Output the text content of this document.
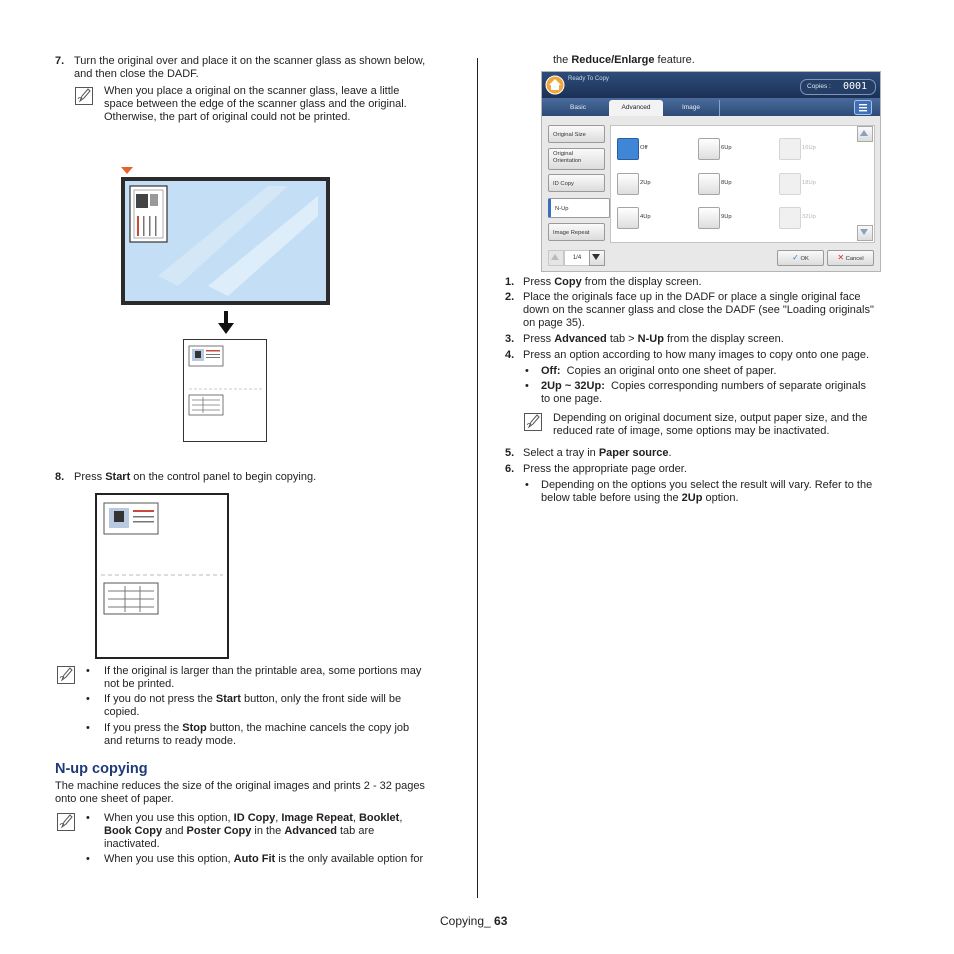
7. Turn the original over and place it on the scanner glass as shown below,
and then close the DADF.
When you place a original on the scanner glass, leave a little
space between the edge of the scanner glass and the original.
Otherwise, the part of original could not be printed.
8. Press Start on the control panel to begin copying.
• If the original is larger than the printable area, some portions may
not be printed.
• If you do not press the Start button, only the front side will be
copied.
• If you press the Stop button, the machine cancels the copy job
and returns to ready mode.
N-up copying
The machine reduces the size of the original images and prints 2 - 32 pages
onto one sheet of paper.
• When you use this option, ID Copy, Image Repeat, Booklet,
Book Copy and Poster Copy in the Advanced tab are
inactivated.
• When you use this option, Auto Fit is the only available option for
the Reduce/Enlarge feature.
Ready To Copy
Copies : 0001
Basic	Advanced	Image
Original Size
Original
Orientation
ID Copy
N-Up
Image Repeat
Off	6Up	16Up
2Up	8Up	18Up
4Up	9Up	32Up
1/4	✓ OK	✕ Cancel
1. Press Copy from the display screen.
2. Place the originals face up in the DADF or place a single original face
down on the scanner glass and close the DADF (see "Loading originals"
on page 35).
3. Press Advanced tab > N-Up from the display screen.
4. Press an option according to how many images to copy onto one page.
• Off:  Copies an original onto one sheet of paper.
• 2Up ~ 32Up:  Copies corresponding numbers of separate originals
to one page.
Depending on original document size, output paper size, and the
reduced rate of image, some options may be inactivated.
5. Select a tray in Paper source.
6. Press the appropriate page order.
• Depending on the options you select the result will vary. Refer to the
below table before using the 2Up option.
Copying_ 63
